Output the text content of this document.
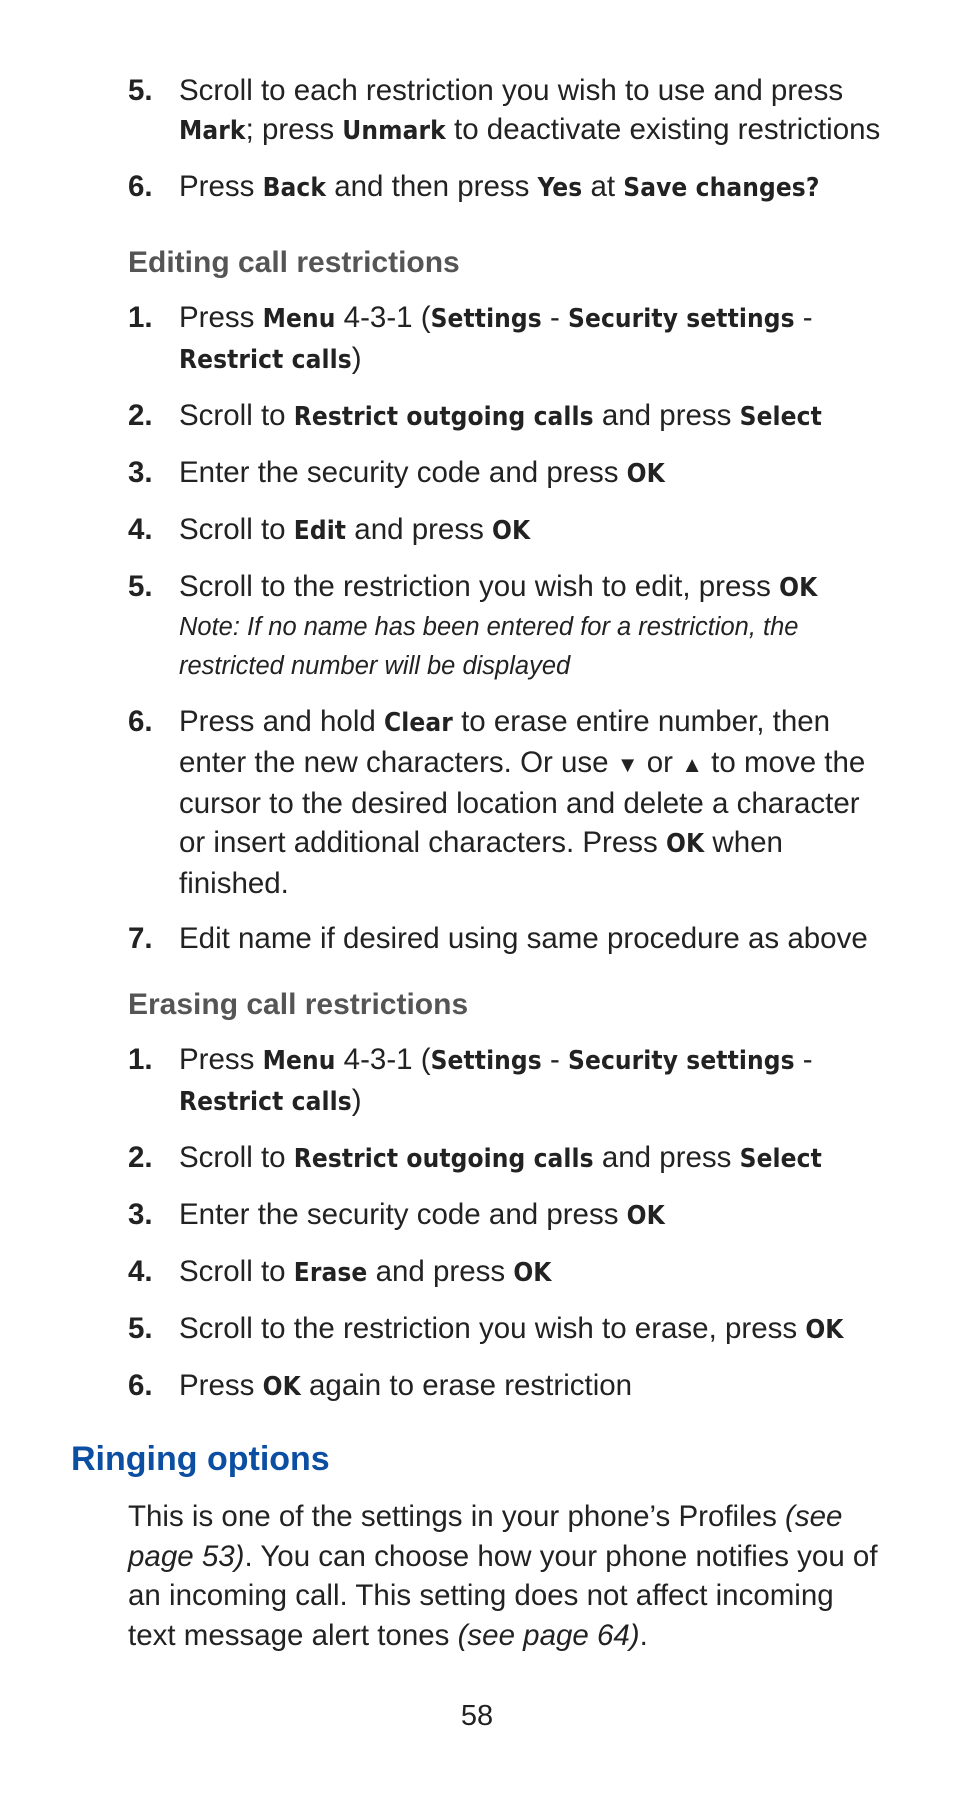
5. Scroll to each restriction you wish to use and press Mark; press Unmark to deactivate existing restrictions
6. Press Back and then press Yes at Save changes?
Editing call restrictions
1. Press Menu 4-3-1 (Settings - Security settings - Restrict calls)
2. Scroll to Restrict outgoing calls and press Select
3. Enter the security code and press OK
4. Scroll to Edit and press OK
5. Scroll to the restriction you wish to edit, press OK
Note: If no name has been entered for a restriction, the restricted number will be displayed
6. Press and hold Clear to erase entire number, then enter the new characters. Or use ▼ or ▲ to move the cursor to the desired location and delete a character or insert additional characters. Press OK when finished.
7. Edit name if desired using same procedure as above
Erasing call restrictions
1. Press Menu 4-3-1 (Settings - Security settings - Restrict calls)
2. Scroll to Restrict outgoing calls and press Select
3. Enter the security code and press OK
4. Scroll to Erase and press OK
5. Scroll to the restriction you wish to erase, press OK
6. Press OK again to erase restriction
Ringing options

This is one of the settings in your phone’s Profiles (see page 53). You can choose how your phone notifies you of an incoming call. This setting does not affect incoming text message alert tones (see page 64).

58
